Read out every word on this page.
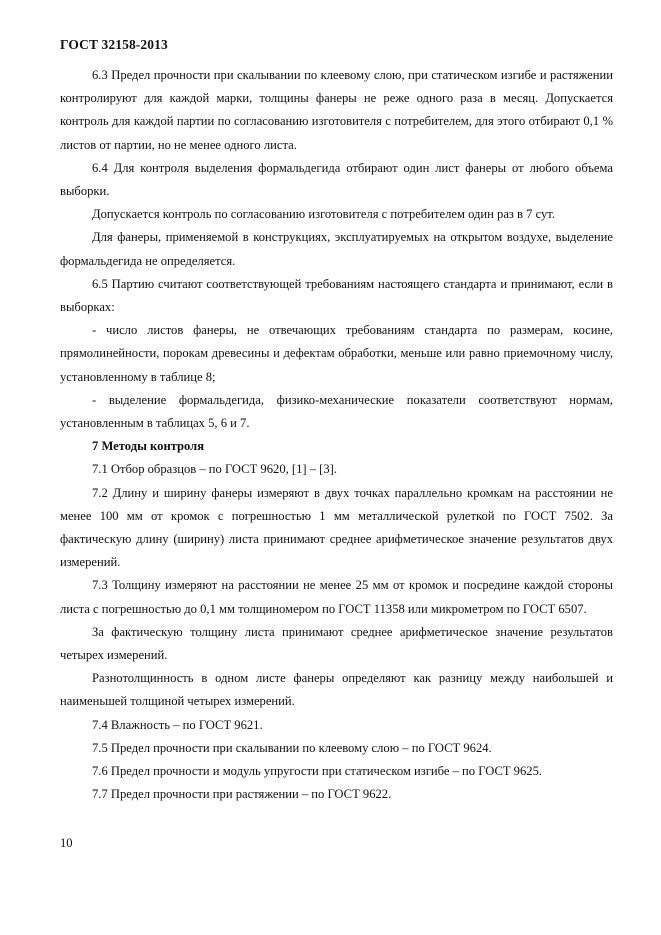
ГОСТ 32158-2013

6.3 Предел прочности при скалывании по клеевому слою, при статическом изгибе и растяжении контролируют для каждой марки, толщины фанеры не реже одного раза в месяц. Допускается контроль для каждой партии по согласованию изготовителя с потребителем, для этого отбирают 0,1 % листов от партии, но не менее одного листа.

6.4 Для контроля выделения формальдегида отбирают один лист фанеры от любого объема выборки.

Допускается контроль по согласованию изготовителя с потребителем один раз в 7 сут.

Для фанеры, применяемой в конструкциях, эксплуатируемых на открытом воздухе, выделение формальдегида не определяется.

6.5 Партию считают соответствующей требованиям настоящего стандарта и принимают, если в выборках:

- число листов фанеры, не отвечающих требованиям стандарта по размерам, косине, прямолинейности, порокам древесины и дефектам обработки, меньше или равно приемочному числу, установленному в таблице 8;

- выделение формальдегида, физико-механические показатели соответствуют нормам, установленным в таблицах 5, 6 и 7.

7 Методы контроля

7.1 Отбор образцов – по ГОСТ 9620, [1] – [3].

7.2 Длину и ширину фанеры измеряют в двух точках параллельно кромкам на расстоянии не менее 100 мм от кромок с погрешностью 1 мм металлической рулеткой по ГОСТ 7502. За фактическую длину (ширину) листа принимают среднее арифметическое значение результатов двух измерений.

7.3 Толщину измеряют на расстоянии не менее 25 мм от кромок и посредине каждой стороны листа с погрешностью до 0,1 мм толщиномером по ГОСТ 11358 или микрометром по ГОСТ 6507.

За фактическую толщину листа принимают среднее арифметическое значение результатов четырех измерений.

Разнотолщинность в одном листе фанеры определяют как разницу между наибольшей и наименьшей толщиной четырех измерений.

7.4 Влажность – по ГОСТ 9621.

7.5 Предел прочности при скалывании по клеевому слою – по ГОСТ 9624.

7.6 Предел прочности и модуль упругости при статическом изгибе – по ГОСТ 9625.

7.7 Предел прочности при растяжении – по ГОСТ 9622.

10
